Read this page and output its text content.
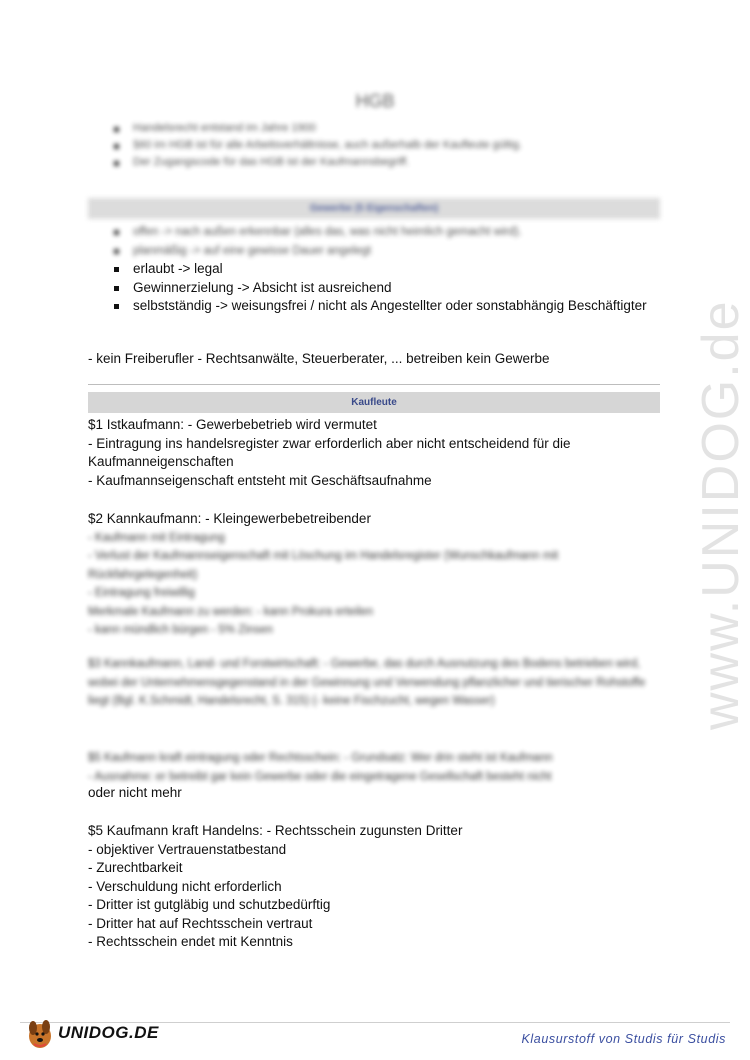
HGB
Handelsrecht entstand im Jahre 1900
§60 im HGB ist für alle Arbeitsverhältnisse, auch außerhalb der Kaufleute gültig.
Der Zugangscode für das HGB ist der Kaufmannsbegriff.
Gewerbe (5 Eigenschaften)
offen -> nach außen erkennbar (alles das, was nicht heimlich gemacht wird).
planmäßig -> auf eine gewisse Dauer angelegt
erlaubt -> legal
Gewinnerzielung -> Absicht ist ausreichend
selbstständig -> weisungsfrei / nicht als Angestellter oder sonstabhängig Beschäftigter
- kein Freiberufler - Rechtsanwälte, Steuerberater, ... betreiben kein Gewerbe
Kaufleute
$1 Istkaufmann: - Gewerbebetrieb wird vermutet
- Eintragung ins handelsregister zwar erforderlich aber nicht entscheidend für die Kaufmanneigenschaften
- Kaufmannseigenschaft entsteht mit Geschäftsaufnahme
$2 Kannkaufmann: - Kleingewerbebetreibender
- Kaufmann mit Eintragung
- Verlust der Kaufmannseigenschaft mit Löschung im Handelsregister (Wunschkaufmann mit Rückfahrgelegenheit)
- Eintragung freiwillig
Merkmale Kaufmann zu werden: - kann Prokura erteilen
- kann mündlich bürgen - 5% Zinsen
$3 Kannkaufmann, Land- und Forstwirtschaft: - Gewerbe, das durch Ausnutzung des Bodens betrieben wird, wobei der Unternehmensgegenstand in der Gewinnung und Verwendung pflanzlicher und tierischer Rohstoffe liegt (Bgl. K.Schmidt, Handelsrecht, S. 315) (- keine Fischzucht, wegen Wasser)
$5 Kaufmann kraft eintragung oder Rechtsschein: - Grundsatz: Wer drin steht ist Kaufmann
- Ausnahme: er betreibt gar kein Gewerbe oder die eingetragene Gesellschaft besteht nicht
oder nicht mehr
$5 Kaufmann kraft Handelns: - Rechtsschein zugunsten Dritter
- objektiver Vertrauenstatbestand
- Zurechtbarkeit
- Verschuldung nicht erforderlich
- Dritter ist gutgläbig und schutzbedürftig
- Dritter hat auf Rechtsschein vertraut
- Rechtsschein endet mit Kenntnis
www.UNIDOG.de
UNIDOG.DE	Klausurstoff von Studis für Studis
